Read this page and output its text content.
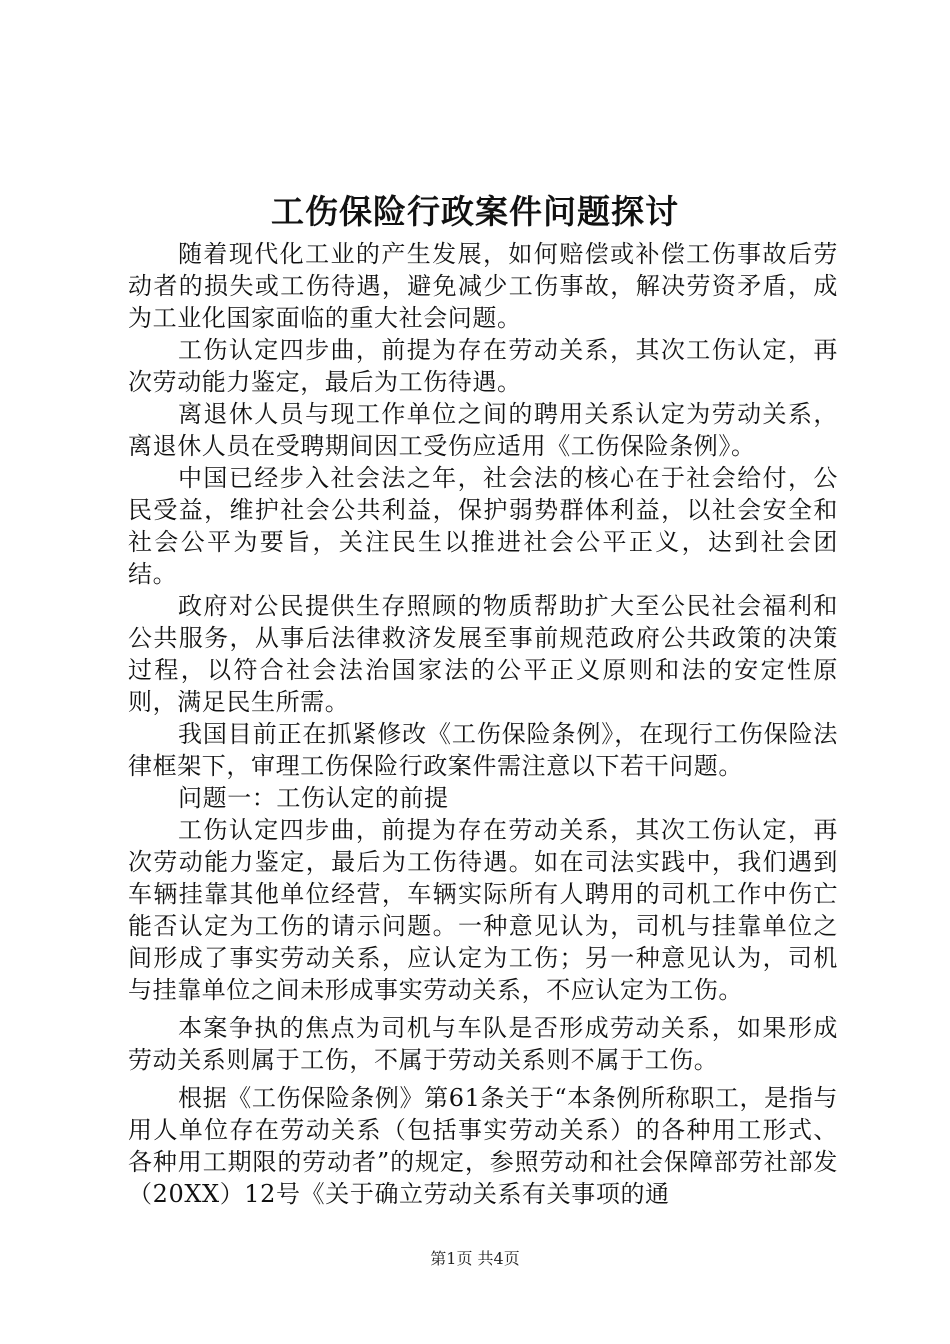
工伤保险行政案件问题探讨

随着现代化工业的产生发展，如何赔偿或补偿工伤事故后劳动者的损失或工伤待遇，避免减少工伤事故，解决劳资矛盾，成为工业化国家面临的重大社会问题。

工伤认定四步曲，前提为存在劳动关系，其次工伤认定，再次劳动能力鉴定，最后为工伤待遇。

离退休人员与现工作单位之间的聘用关系认定为劳动关系，离退休人员在受聘期间因工受伤应适用《工伤保险条例》。

中国已经步入社会法之年，社会法的核心在于社会给付，公民受益，维护社会公共利益，保护弱势群体利益，以社会安全和社会公平为要旨，关注民生以推进社会公平正义，达到社会团结。

政府对公民提供生存照顾的物质帮助扩大至公民社会福利和公共服务，从事后法律救济发展至事前规范政府公共政策的决策过程，以符合社会法治国家法的公平正义原则和法的安定性原则，满足民生所需。

我国目前正在抓紧修改《工伤保险条例》，在现行工伤保险法律框架下，审理工伤保险行政案件需注意以下若干问题。

问题一：工伤认定的前提

工伤认定四步曲，前提为存在劳动关系，其次工伤认定，再次劳动能力鉴定，最后为工伤待遇。如在司法实践中，我们遇到车辆挂靠其他单位经营，车辆实际所有人聘用的司机工作中伤亡能否认定为工伤的请示问题。一种意见认为，司机与挂靠单位之间形成了事实劳动关系，应认定为工伤；另一种意见认为，司机与挂靠单位之间未形成事实劳动关系，不应认定为工伤。

本案争执的焦点为司机与车队是否形成劳动关系，如果形成劳动关系则属于工伤，不属于劳动关系则不属于工伤。

根据《工伤保险条例》第61条关于“本条例所称职工，是指与用人单位存在劳动关系（包括事实劳动关系）的各种用工形式、各种用工期限的劳动者”的规定，参照劳动和社会保障部劳社部发（20XX）12号《关于确立劳动关系有关事项的通

第1页 共4页
